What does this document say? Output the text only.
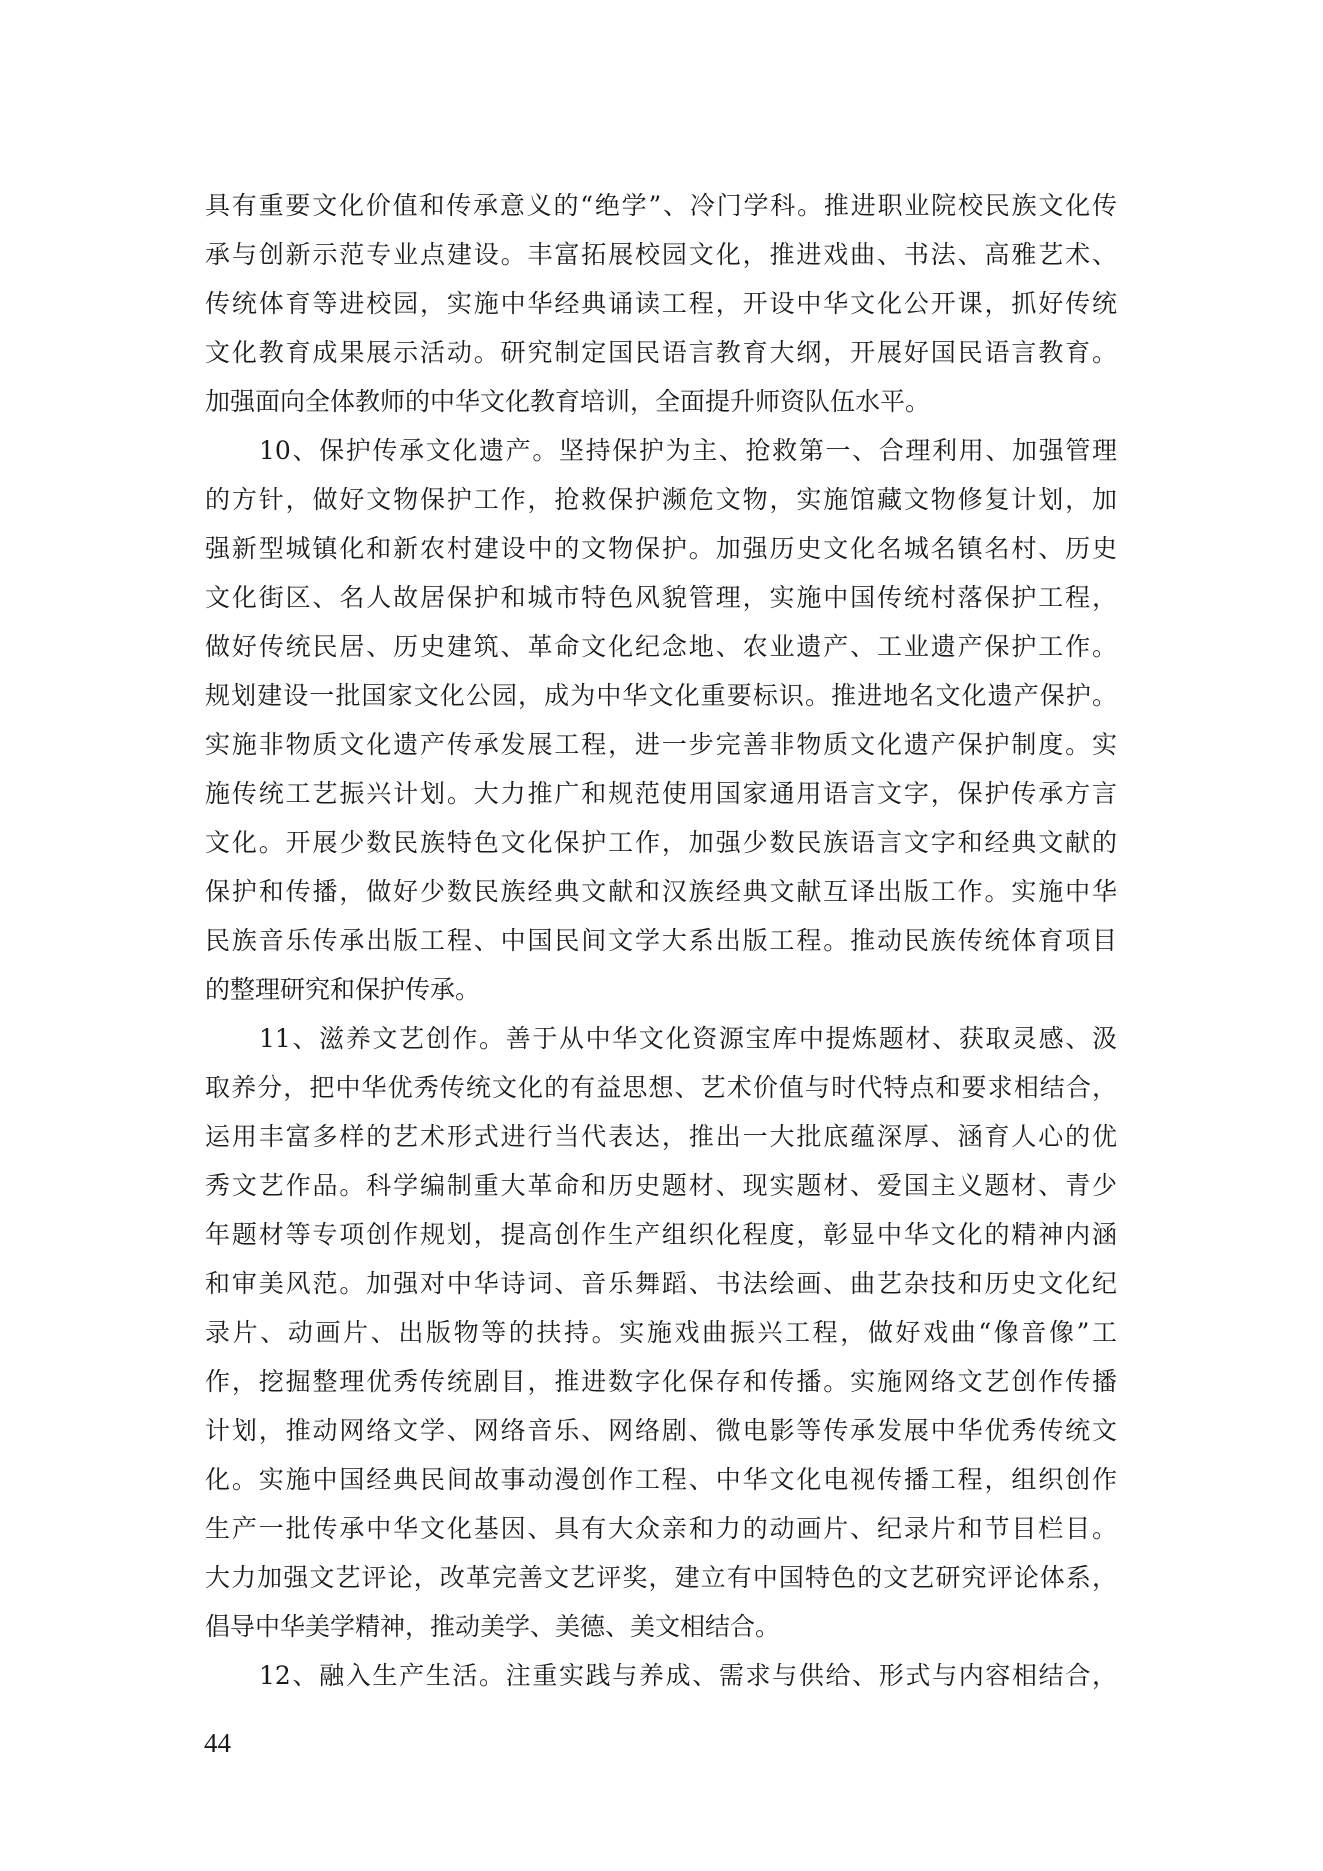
具有重要文化价值和传承意义的“绝学”、冷门学科。推进职业院校民族文化传
承与创新示范专业点建设。丰富拓展校园文化，推进戏曲、书法、高雅艺术、
传统体育等进校园，实施中华经典诵读工程，开设中华文化公开课，抓好传统
文化教育成果展示活动。研究制定国民语言教育大纲，开展好国民语言教育。
加强面向全体教师的中华文化教育培训，全面提升师资队伍水平。
10、保护传承文化遗产。坚持保护为主、抢救第一、合理利用、加强管理
的方针，做好文物保护工作，抢救保护濒危文物，实施馆藏文物修复计划，加
强新型城镇化和新农村建设中的文物保护。加强历史文化名城名镇名村、历史
文化街区、名人故居保护和城市特色风貌管理，实施中国传统村落保护工程，
做好传统民居、历史建筑、革命文化纪念地、农业遗产、工业遗产保护工作。
规划建设一批国家文化公园，成为中华文化重要标识。推进地名文化遗产保护。
实施非物质文化遗产传承发展工程，进一步完善非物质文化遗产保护制度。实
施传统工艺振兴计划。大力推广和规范使用国家通用语言文字，保护传承方言
文化。开展少数民族特色文化保护工作，加强少数民族语言文字和经典文献的
保护和传播，做好少数民族经典文献和汉族经典文献互译出版工作。实施中华
民族音乐传承出版工程、中国民间文学大系出版工程。推动民族传统体育项目
的整理研究和保护传承。
11、滋养文艺创作。善于从中华文化资源宝库中提炼题材、获取灵感、汲
取养分，把中华优秀传统文化的有益思想、艺术价值与时代特点和要求相结合，
运用丰富多样的艺术形式进行当代表达，推出一大批底蕴深厚、涵育人心的优
秀文艺作品。科学编制重大革命和历史题材、现实题材、爱国主义题材、青少
年题材等专项创作规划，提高创作生产组织化程度，彰显中华文化的精神内涵
和审美风范。加强对中华诗词、音乐舞蹈、书法绘画、曲艺杂技和历史文化纪
录片、动画片、出版物等的扶持。实施戏曲振兴工程，做好戏曲“像音像”工
作，挖掘整理优秀传统剧目，推进数字化保存和传播。实施网络文艺创作传播
计划，推动网络文学、网络音乐、网络剧、微电影等传承发展中华优秀传统文
化。实施中国经典民间故事动漫创作工程、中华文化电视传播工程，组织创作
生产一批传承中华文化基因、具有大众亲和力的动画片、纪录片和节目栏目。
大力加强文艺评论，改革完善文艺评奖，建立有中国特色的文艺研究评论体系，
倡导中华美学精神，推动美学、美德、美文相结合。
12、融入生产生活。注重实践与养成、需求与供给、形式与内容相结合，
44
